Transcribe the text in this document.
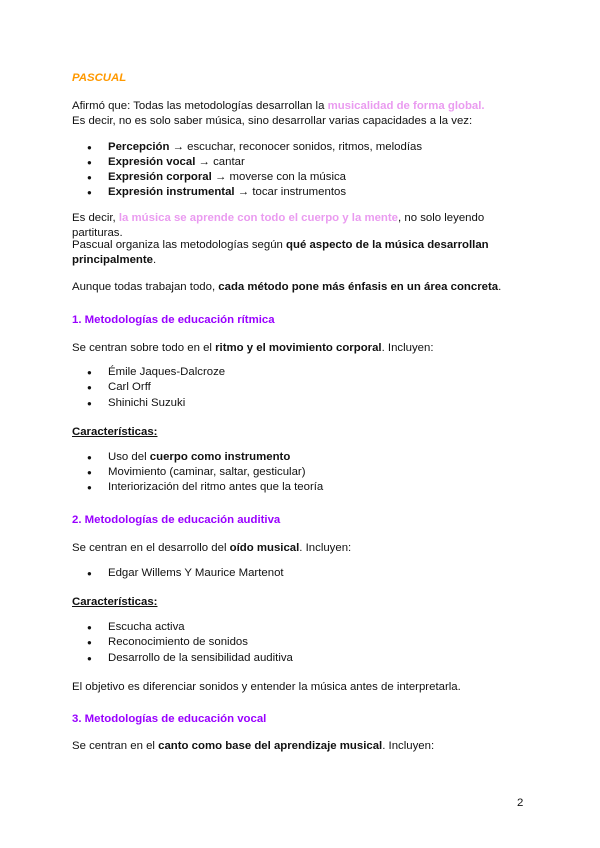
PASCUAL
Afirmó que: Todas las metodologías desarrollan la musicalidad de forma global.
Es decir, no es solo saber música, sino desarrollar varias capacidades a la vez:
● Percepción → escuchar, reconocer sonidos, ritmos, melodías
● Expresión vocal → cantar
● Expresión corporal → moverse con la música
● Expresión instrumental → tocar instrumentos
Es decir, la música se aprende con todo el cuerpo y la mente, no solo leyendo partituras.
Pascual organiza las metodologías según qué aspecto de la música desarrollan principalmente.
Aunque todas trabajan todo, cada método pone más énfasis en un área concreta.
1. Metodologías de educación rítmica
Se centran sobre todo en el ritmo y el movimiento corporal. Incluyen:
● Émile Jaques-Dalcroze
● Carl Orff
● Shinichi Suzuki
Características:
● Uso del cuerpo como instrumento
● Movimiento (caminar, saltar, gesticular)
● Interiorización del ritmo antes que la teoría
2. Metodologías de educación auditiva
Se centran en el desarrollo del oído musical. Incluyen:
● Edgar Willems Y Maurice Martenot
Características:
● Escucha activa
● Reconocimiento de sonidos
● Desarrollo de la sensibilidad auditiva
El objetivo es diferenciar sonidos y entender la música antes de interpretarla.
3. Metodologías de educación vocal
Se centran en el canto como base del aprendizaje musical. Incluyen:
2
